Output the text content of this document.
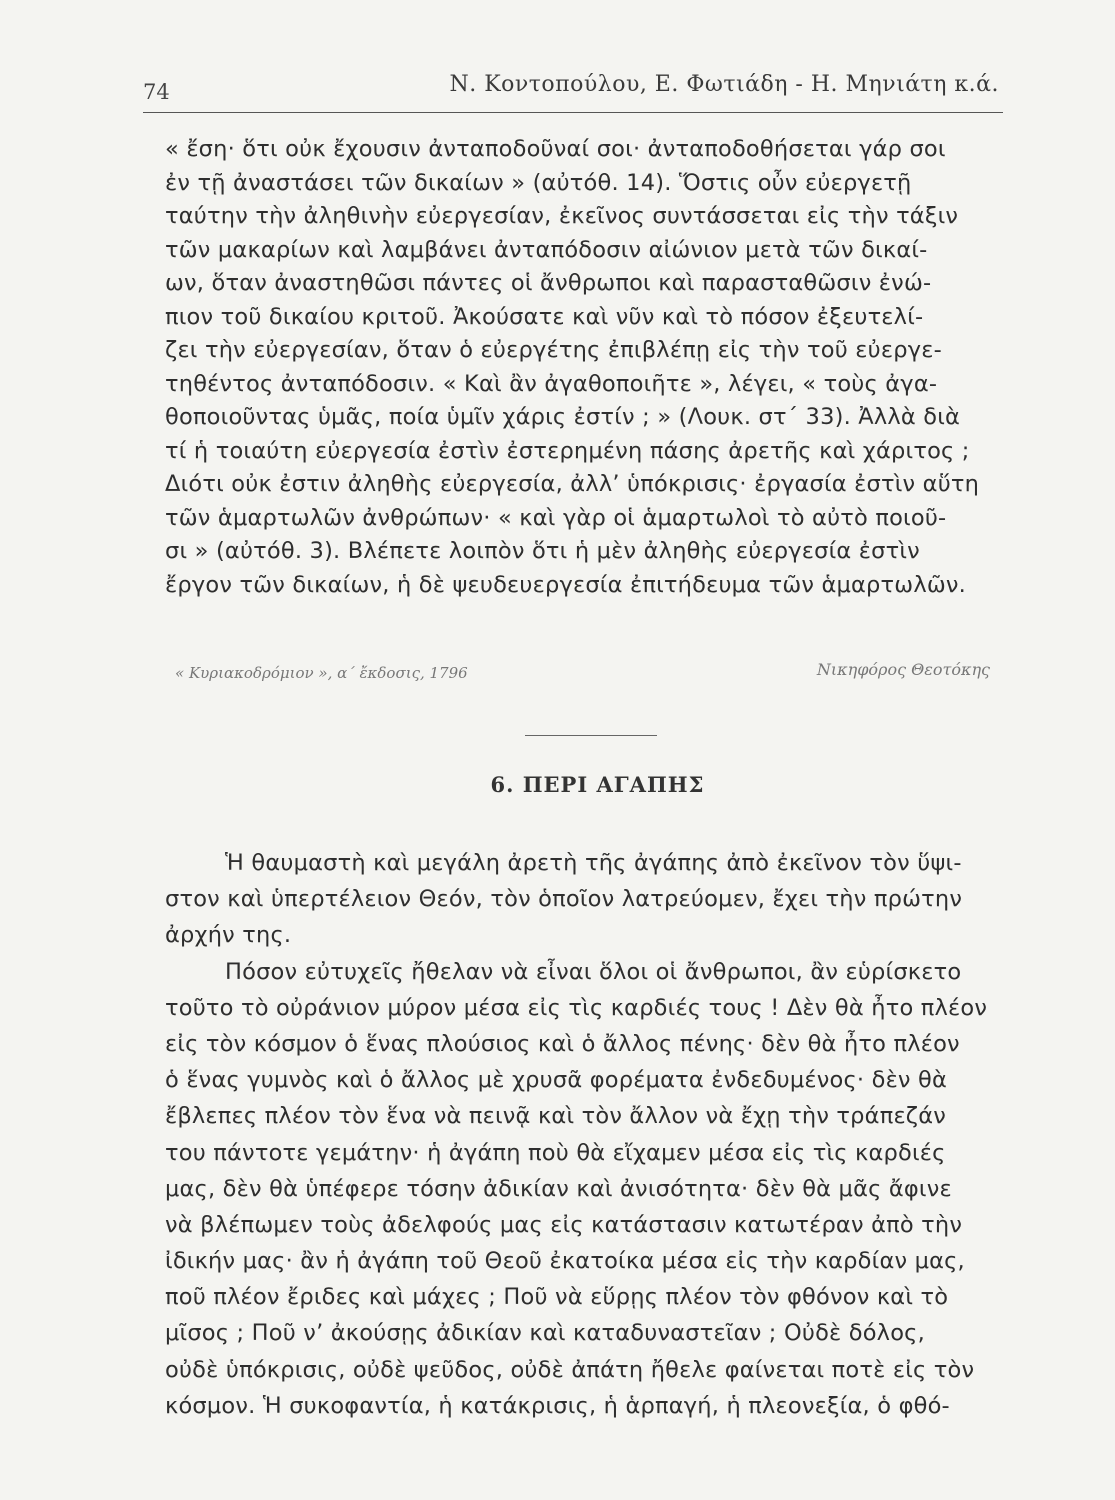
74	Ν. Κοντοπούλου, Ε. Φωτιάδη - Η. Μηνιάτη κ.ά.
« ἔση· ὅτι οὐκ ἔχουσιν ἀνταποδοῦναί σοι· ἀνταποδοθήσεται γάρ σοι
ἐν τῇ ἀναστάσει τῶν δικαίων » (αὐτόθ. 14). Ὅστις οὖν εὐεργετῇ
ταύτην τὴν ἀληθινὴν εὐεργεσίαν, ἐκεῖνος συντάσσεται εἰς τὴν τάξιν
τῶν μακαρίων καὶ λαμβάνει ἀνταπόδοσιν αἰώνιον μετὰ τῶν δικαί-
ων, ὅταν ἀναστηθῶσι πάντες οἱ ἄνθρωποι καὶ παρασταθῶσιν ἐνώ-
πιον τοῦ δικαίου κριτοῦ. Ἀκούσατε καὶ νῦν καὶ τὸ πόσον ἐξευτελί-
ζει τὴν εὐεργεσίαν, ὅταν ὁ εὐεργέτης ἐπιβλέπῃ εἰς τὴν τοῦ εὐεργε-
τηθέντος ἀνταπόδοσιν. « Καὶ ἂν ἀγαθοποιῆτε », λέγει, « τοὺς ἀγα-
θοποιοῦντας ὑμᾶς, ποία ὑμῖν χάρις ἐστίν ; » (Λουκ. στ΄ 33). Ἀλλὰ διὰ
τί ἡ τοιαύτη εὐεργεσία ἐστὶν ἐστερημένη πάσης ἀρετῆς καὶ χάριτος ;
Διότι οὐκ ἐστιν ἀληθὴς εὐεργεσία, ἀλλ’ ὑπόκρισις· ἐργασία ἐστὶν αὕτη
τῶν ἁμαρτωλῶν ἀνθρώπων· « καὶ γὰρ οἱ ἁμαρτωλοὶ τὸ αὐτὸ ποιοῦ-
σι » (αὐτόθ. 3). Βλέπετε λοιπὸν ὅτι ἡ μὲν ἀληθὴς εὐεργεσία ἐστὶν
ἔργον τῶν δικαίων, ἡ δὲ ψευδευεργεσία ἐπιτήδευμα τῶν ἁμαρτωλῶν.
« Κυριακοδρόμιον », α΄ ἔκδοσις, 1796	Νικηφόρος Θεοτόκης
6. ΠΕΡΙ ΑΓΑΠΗΣ
Ἡ θαυμαστὴ καὶ μεγάλη ἀρετὴ τῆς ἀγάπης ἀπὸ ἐκεῖνον τὸν ὕψι-
στον καὶ ὑπερτέλειον Θεόν, τὸν ὁποῖον λατρεύομεν, ἔχει τὴν πρώτην
ἀρχήν της.
Πόσον εὐτυχεῖς ἤθελαν νὰ εἶναι ὅλοι οἱ ἄνθρωποι, ἂν εὑρίσκετο
τοῦτο τὸ οὐράνιον μύρον μέσα εἰς τὶς καρδιές τους ! Δὲν θὰ ἦτο πλέον
εἰς τὸν κόσμον ὁ ἕνας πλούσιος καὶ ὁ ἄλλος πένης· δὲν θὰ ἦτο πλέον
ὁ ἕνας γυμνὸς καὶ ὁ ἄλλος μὲ χρυσᾶ φορέματα ἐνδεδυμένος· δὲν θὰ
ἔβλεπες πλέον τὸν ἕνα νὰ πεινᾷ καὶ τὸν ἄλλον νὰ ἔχῃ τὴν τράπεζάν
του πάντοτε γεμάτην· ἡ ἀγάπη ποὺ θὰ εἴχαμεν μέσα εἰς τὶς καρδιές
μας, δὲν θὰ ὑπέφερε τόσην ἀδικίαν καὶ ἀνισότητα· δὲν θὰ μᾶς ἄφινε
νὰ βλέπωμεν τοὺς ἀδελφούς μας εἰς κατάστασιν κατωτέραν ἀπὸ τὴν
ἰδικήν μας· ἂν ἡ ἀγάπη τοῦ Θεοῦ ἐκατοίκα μέσα εἰς τὴν καρδίαν μας,
ποῦ πλέον ἔριδες καὶ μάχες ; Ποῦ νὰ εὕρῃς πλέον τὸν φθόνον καὶ τὸ
μῖσος ; Ποῦ ν’ ἀκούσῃς ἀδικίαν καὶ καταδυναστεῖαν ; Οὐδὲ δόλος,
οὐδὲ ὑπόκρισις, οὐδὲ ψεῦδος, οὐδὲ ἀπάτη ἤθελε φαίνεται ποτὲ εἰς τὸν
κόσμον. Ἡ συκοφαντία, ἡ κατάκρισις, ἡ ἁρπαγή, ἡ πλεονεξία, ὁ φθό-
